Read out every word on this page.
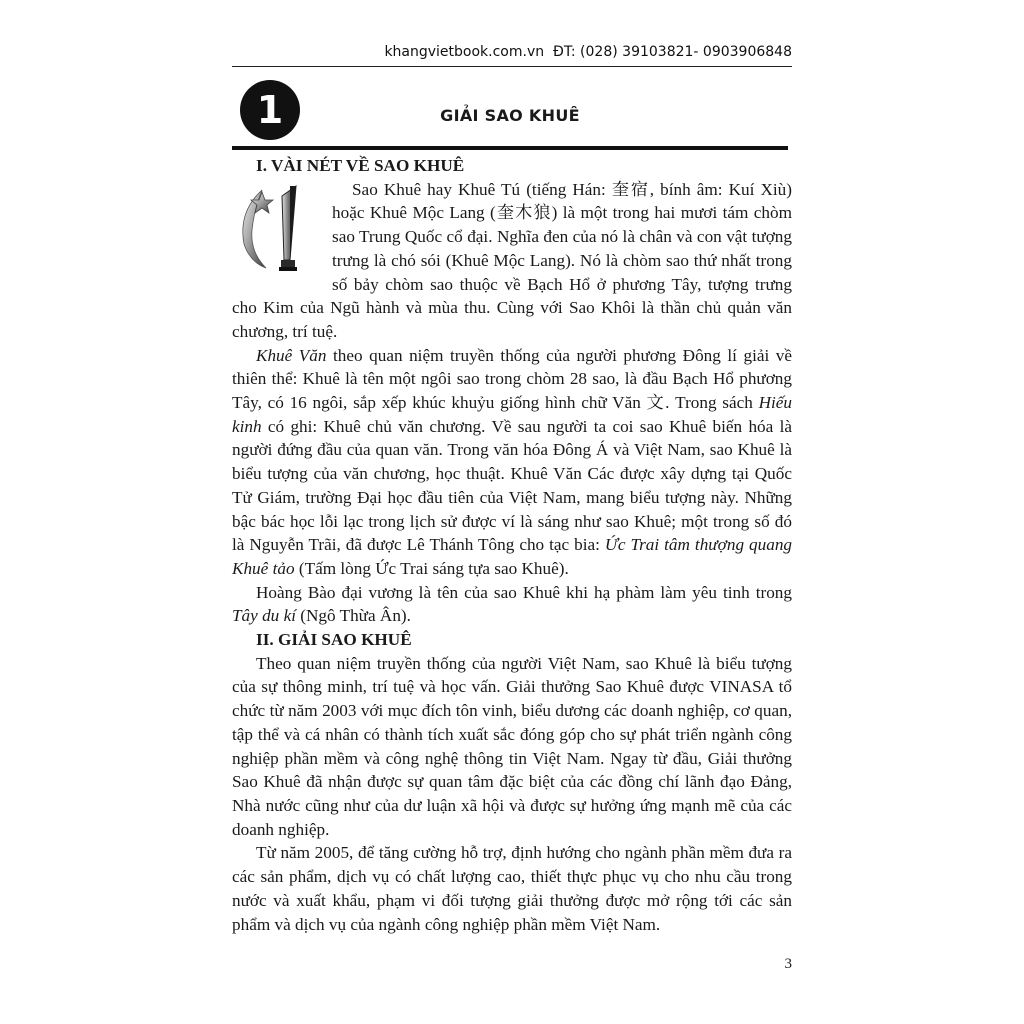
khangvietbook.com.vn ĐT: (028) 39103821- 0903906848
1	GIẢI SAO KHUÊ

I. VÀI NÉT VỀ SAO KHUÊ

Sao Khuê hay Khuê Tú (tiếng Hán: 奎宿, bính âm: Kuí Xiù) hoặc Khuê Mộc Lang (奎木狼) là một trong hai mươi tám chòm sao Trung Quốc cổ đại. Nghĩa đen của nó là chân và con vật tượng trưng là chó sói (Khuê Mộc Lang). Nó là chòm sao thứ nhất trong số bảy chòm sao thuộc về Bạch Hổ ở phương Tây, tượng trưng cho Kim của Ngũ hành và mùa thu. Cùng với Sao Khôi là thần chủ quản văn chương, trí tuệ.

Khuê Văn theo quan niệm truyền thống của người phương Đông lí giải về thiên thể: Khuê là tên một ngôi sao trong chòm 28 sao, là đầu Bạch Hổ phương Tây, có 16 ngôi, sắp xếp khúc khuỷu giống hình chữ Văn 文. Trong sách Hiếu kinh có ghi: Khuê chủ văn chương. Về sau người ta coi sao Khuê biến hóa là người đứng đầu của quan văn. Trong văn hóa Đông Á và Việt Nam, sao Khuê là biểu tượng của văn chương, học thuật. Khuê Văn Các được xây dựng tại Quốc Tử Giám, trường Đại học đầu tiên của Việt Nam, mang biểu tượng này. Những bậc bác học lỗi lạc trong lịch sử được ví là sáng như sao Khuê; một trong số đó là Nguyễn Trãi, đã được Lê Thánh Tông cho tạc bia: Ức Trai tâm thượng quang Khuê tảo (Tấm lòng Ức Trai sáng tựa sao Khuê).

Hoàng Bào đại vương là tên của sao Khuê khi hạ phàm làm yêu tinh trong Tây du kí (Ngô Thừa Ân).

II. GIẢI SAO KHUÊ

Theo quan niệm truyền thống của người Việt Nam, sao Khuê là biểu tượng của sự thông minh, trí tuệ và học vấn. Giải thưởng Sao Khuê được VINASA tổ chức từ năm 2003 với mục đích tôn vinh, biểu dương các doanh nghiệp, cơ quan, tập thể và cá nhân có thành tích xuất sắc đóng góp cho sự phát triển ngành công nghiệp phần mềm và công nghệ thông tin Việt Nam. Ngay từ đầu, Giải thưởng Sao Khuê đã nhận được sự quan tâm đặc biệt của các đồng chí lãnh đạo Đảng, Nhà nước cũng như của dư luận xã hội và được sự hưởng ứng mạnh mẽ của các doanh nghiệp.

Từ năm 2005, để tăng cường hỗ trợ, định hướng cho ngành phần mềm đưa ra các sản phẩm, dịch vụ có chất lượng cao, thiết thực phục vụ cho nhu cầu trong nước và xuất khẩu, phạm vi đối tượng giải thưởng được mở rộng tới các sản phẩm và dịch vụ của ngành công nghiệp phần mềm Việt Nam.

3
